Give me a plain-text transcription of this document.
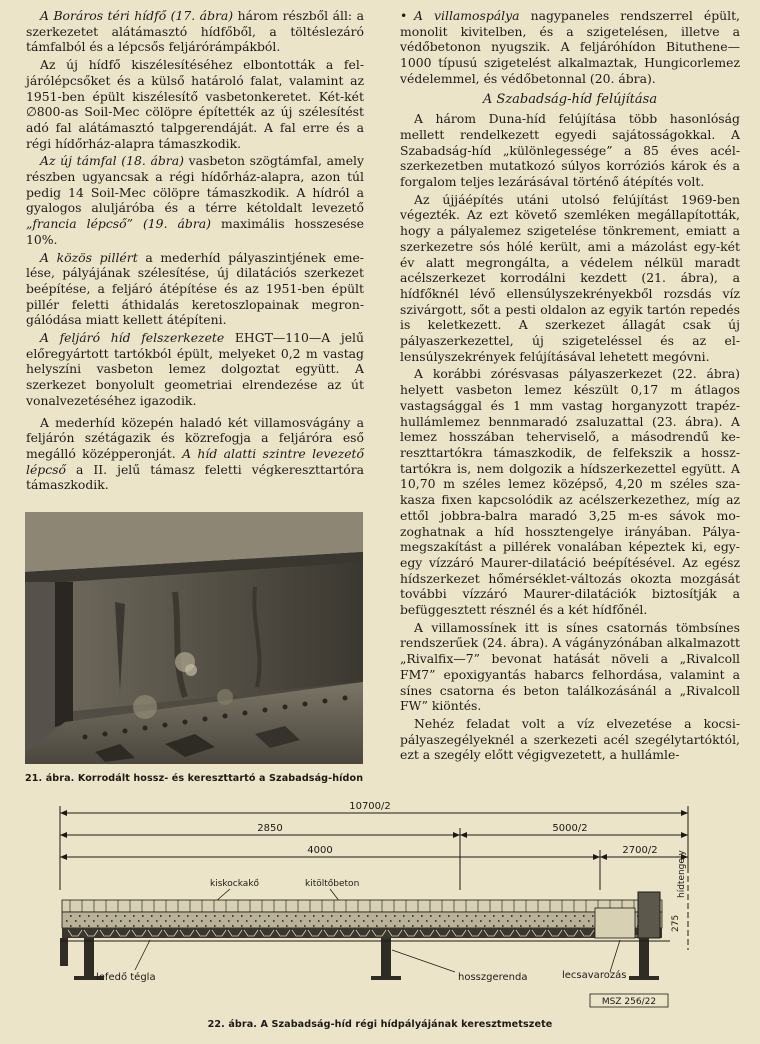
A Boráros téri hídfő (17. ábra) három részből áll: a szerkezetet alátámasztó hídfőből, a töltéslezáró támfalból és a lépcsős feljárórámpákból.

Az új hídfő kiszélesítéséhez elbontották a feljárólépcsőket és a külső határoló falat, valamint az 1951-ben épült kiszélesítő vasbetonkeretet. Két-két ∅800-as Soil-Mec cölöpre építették az új szélesítést adó fal alátámasztó talpgerendáját. A fal erre és a régi hídőrház-alapra támaszkodik.

Az új támfal (18. ábra) vasbeton szögtámfal, amely részben ugyancsak a régi hídőrház-alapra, azon túl pedig 14 Soil-Mec cölöpre támaszkodik. A hídról a gyalogos aluljáróba és a térre kétoldalt levezető „francia lépcső” (19. ábra) maximális hosszesése 10%.

A közös pillért a mederhíd pályaszintjének emelése, pályájának szélesítése, új dilatációs szerkezet beépítése, a feljáró átépítése és az 1951-ben épült pillér feletti áthidalás keretoszlopainak megrongálódása miatt kellett átépíteni.

A feljáró híd felszerkezete EHGT—110—A jelű előregyártott tartókból épült, melyeket 0,2 m vastag helyszíni vasbeton lemez dolgoztat együtt. A szerkezet bonyolult geometriai elrendezése az út vonalvezetéséhez igazodik.

A mederhíd közepén haladó két villamosvágány a feljárón szétágazik és közrefogja a feljáróra eső megálló középperonját. A híd alatti szintre levezető lépcső a II. jelű támasz feletti végkereszttartóra támaszkodik.

• A villamospálya nagypaneles rendszerrel épült, monolit kivitelben, és a szigetelésen, illetve a védőbetonon nyugszik. A feljáróhídon Bituthene—1000 típusú szigetelést alkalmaztak, Hungicorlemez védelemmel, és védőbetonnal (20. ábra).

A Szabadság-híd felújítása

A három Duna-híd felújítása több hasonlóság mellett rendelkezett egyedi sajátosságokkal. A Szabadság-híd „különlegessége” a 85 éves acélszerkezetben mutatkozó súlyos korróziós károk és a forgalom teljes lezárásával történő átépítés volt.

Az újjáépítés utáni utolsó felújítást 1969-ben végezték. Az ezt követő szemléken megállapították, hogy a pályalemez szigetelése tönkrement, emiatt a szerkezetre sós hólé került, ami a mázolást egy-két év alatt megrongálta, a védelem nélkül maradt acélszerkezet korrodálni kezdett (21. ábra), a hídfőknél lévő ellensúlyszekrényekből rozsdás víz szivárgott, sőt a pesti oldalon az egyik tartón repedés is keletkezett. A szerkezet állagát csak új pályaszerkezettel, új szigeteléssel és az ellensúlyszekrények felújításával lehetett megóvni.

A korábbi zórésvasas pályaszerkezet (22. ábra) helyett vasbeton lemez készült 0,17 m átlagos vastagsággal és 1 mm vastag horganyzott trapézhullámlemez bennmaradó zsaluzattal (23. ábra). A lemez hosszában teherviselő, a másodrendű kereszttartókra támaszkodik, de felfekszik a hossztartókra is, nem dolgozik a hídszerkezettel együtt. A 10,70 m széles lemez középső, 4,20 m széles szakasza fixen kapcsolódik az acélszerkezethez, míg az ettől jobbra-balra maradó 3,25 m-es sávok mozoghatnak a híd hossztengelye irányában. Pályamegszakítást a pillérek vonalában képeztek ki, egy-egy vízzáró Maurer-dilatáció beépítésével. Az egész hídszerkezet hőmérséklet-változás okozta mozgását további vízzáró Maurer-dilatációk biztosítják a befüggesztett résznél és a két hídfőnél.

A villamossínek itt is sínes csatornás tömbsínes rendszerűek (24. ábra). A vágányzónában alkalmazott „Rivalfix—7” bevonat hatását növeli a „Rivalcoll FM7” epoxigyantás habarcs felhordása, valamint a sínes csatorna és beton találkozásánál a „Rivalcoll FW” kiöntés.

Nehéz feladat volt a víz elvezetése a kocsipályaszegélyeknél a szerkezeti acél szegélytartóktól, ezt a szegély előtt végigvezetett, a hullámle-

21. ábra. Korrodált hossz- és kereszttartó a Szabadság-hídon
10700/2
2850	5000/2
4000	2700/2 hídtengely
275
kiskockakő	kitöltőbeton
lefedő tégla	hosszgerenda	lecsavarozás
MSZ 256/22
22. ábra. A Szabadság-híd régi hídpályájának keresztmetszete
